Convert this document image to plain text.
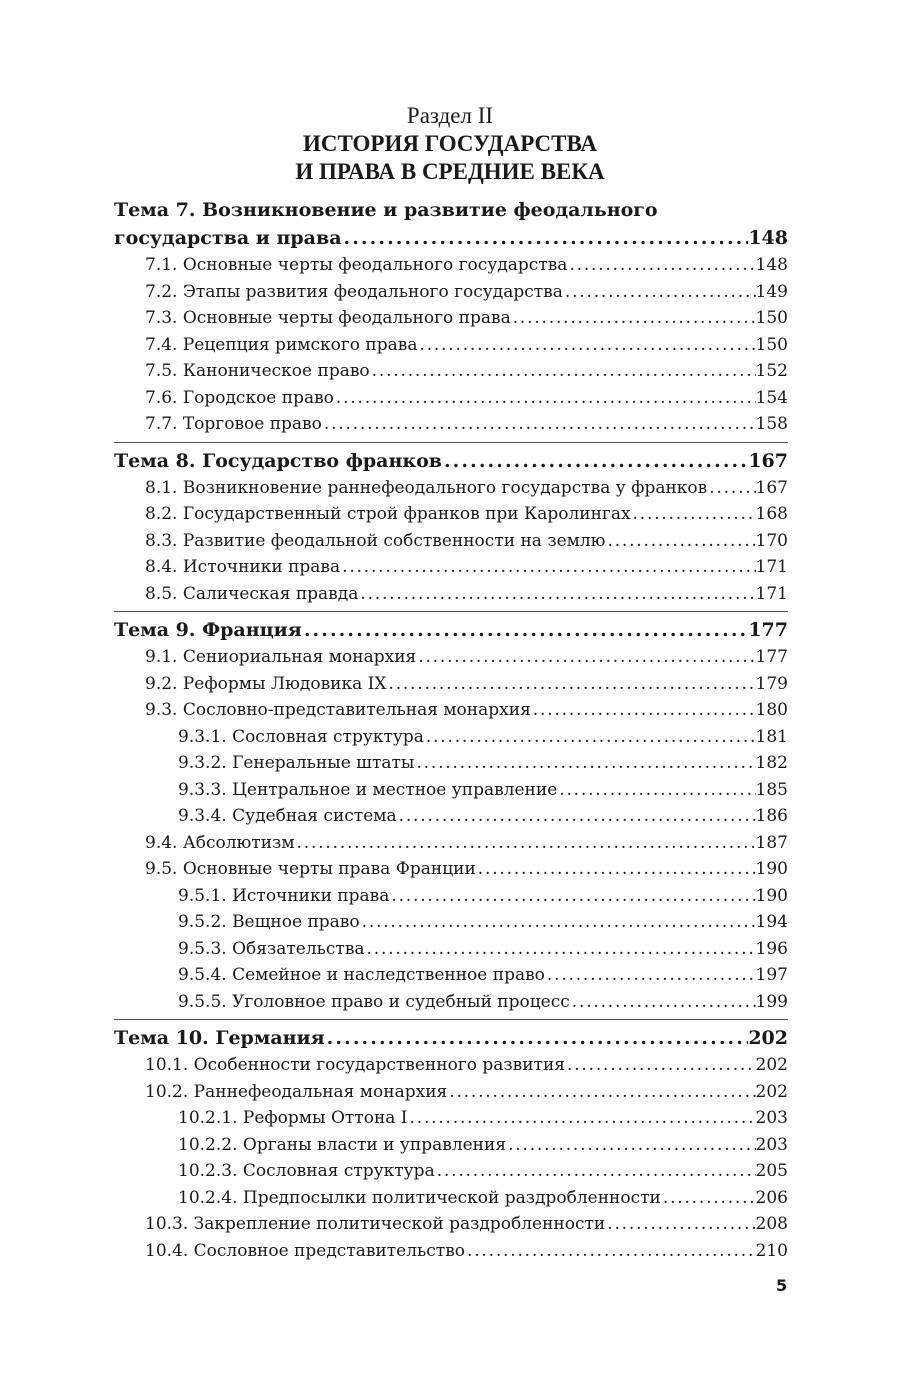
Раздел II
ИСТОРИЯ ГОСУДАРСТВА
И ПРАВА В СРЕДНИЕ ВЕКА
Тема 7. Возникновение и развитие феодального
государства и права .....	148
7.1. Основные черты феодального государства .....	148
7.2. Этапы развития феодального государства .....	149
7.3. Основные черты феодального права .....	150
7.4. Рецепция римского права .....	150
7.5. Каноническое право .....	152
7.6. Городское право .....	154
7.7. Торговое право .....	158
Тема 8. Государство франков .....	167
8.1. Возникновение раннефеодального государства у франков .....	167
8.2. Государственный строй франков при Каролингах .....	168
8.3. Развитие феодальной собственности на землю .....	170
8.4. Источники права .....	171
8.5. Салическая правда .....	171
Тема 9. Франция .....	177
9.1. Сениориальная монархия .....	177
9.2. Реформы Людовика IX .....	179
9.3. Сословно-представительная монархия .....	180
9.3.1. Сословная структура .....	181
9.3.2. Генеральные штаты .....	182
9.3.3. Центральное и местное управление .....	185
9.3.4. Судебная система .....	186
9.4. Абсолютизм .....	187
9.5. Основные черты права Франции .....	190
9.5.1. Источники права .....	190
9.5.2. Вещное право .....	194
9.5.3. Обязательства .....	196
9.5.4. Семейное и наследственное право .....	197
9.5.5. Уголовное право и судебный процесс .....	199
Тема 10. Германия .....	202
10.1. Особенности государственного развития .....	202
10.2. Раннефеодальная монархия .....	202
10.2.1. Реформы Оттона I .....	203
10.2.2. Органы власти и управления .....	203
10.2.3. Сословная структура .....	205
10.2.4. Предпосылки политической раздробленности .....	206
10.3. Закрепление политической раздробленности .....	208
10.4. Сословное представительство .....	210
5
